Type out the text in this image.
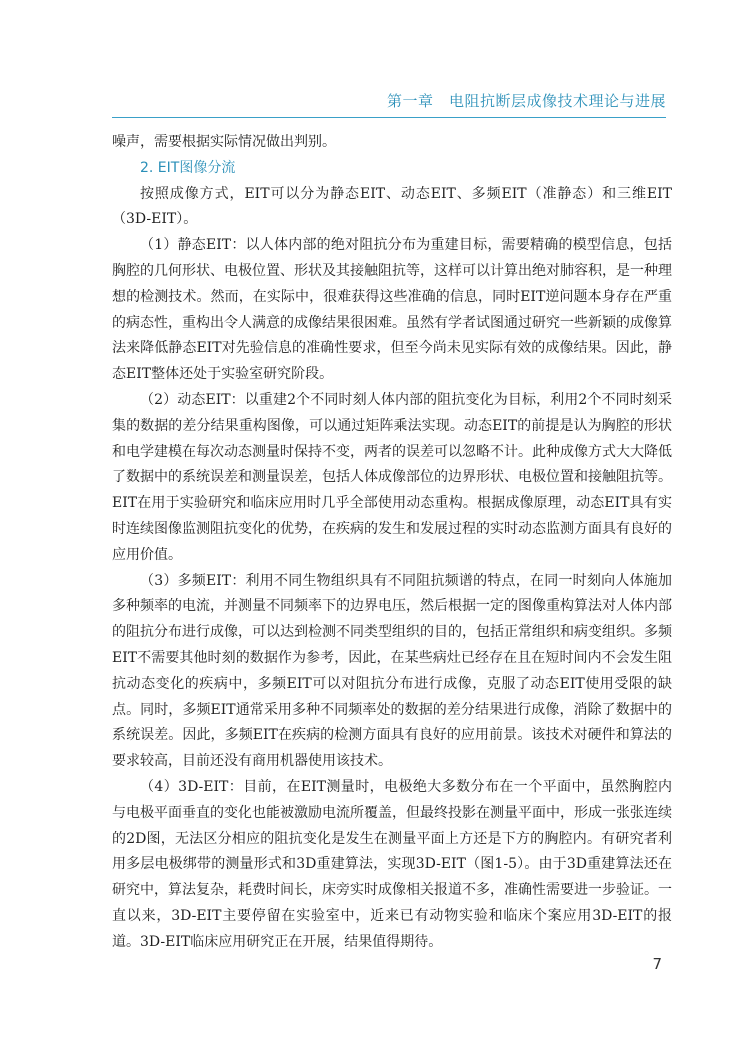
第一章　电阻抗断层成像技术理论与进展

噪声，需要根据实际情况做出判别。

2. EIT图像分流

按照成像方式，EIT可以分为静态EIT、动态EIT、多频EIT（准静态）和三维EIT（3D-EIT）。

（1）静态EIT：以人体内部的绝对阻抗分布为重建目标，需要精确的模型信息，包括胸腔的几何形状、电极位置、形状及其接触阻抗等，这样可以计算出绝对肺容积，是一种理想的检测技术。然而，在实际中，很难获得这些准确的信息，同时EIT逆问题本身存在严重的病态性，重构出令人满意的成像结果很困难。虽然有学者试图通过研究一些新颖的成像算法来降低静态EIT对先验信息的准确性要求，但至今尚未见实际有效的成像结果。因此，静态EIT整体还处于实验室研究阶段。

（2）动态EIT：以重建2个不同时刻人体内部的阻抗变化为目标，利用2个不同时刻采集的数据的差分结果重构图像，可以通过矩阵乘法实现。动态EIT的前提是认为胸腔的形状和电学建模在每次动态测量时保持不变，两者的误差可以忽略不计。此种成像方式大大降低了数据中的系统误差和测量误差，包括人体成像部位的边界形状、电极位置和接触阻抗等。EIT在用于实验研究和临床应用时几乎全部使用动态重构。根据成像原理，动态EIT具有实时连续图像监测阻抗变化的优势，在疾病的发生和发展过程的实时动态监测方面具有良好的应用价值。

（3）多频EIT：利用不同生物组织具有不同阻抗频谱的特点，在同一时刻向人体施加多种频率的电流，并测量不同频率下的边界电压，然后根据一定的图像重构算法对人体内部的阻抗分布进行成像，可以达到检测不同类型组织的目的，包括正常组织和病变组织。多频EIT不需要其他时刻的数据作为参考，因此，在某些病灶已经存在且在短时间内不会发生阻抗动态变化的疾病中，多频EIT可以对阻抗分布进行成像，克服了动态EIT使用受限的缺点。同时，多频EIT通常采用多种不同频率处的数据的差分结果进行成像，消除了数据中的系统误差。因此，多频EIT在疾病的检测方面具有良好的应用前景。该技术对硬件和算法的要求较高，目前还没有商用机器使用该技术。

（4）3D-EIT：目前，在EIT测量时，电极绝大多数分布在一个平面中，虽然胸腔内与电极平面垂直的变化也能被激励电流所覆盖，但最终投影在测量平面中，形成一张张连续的2D图，无法区分相应的阻抗变化是发生在测量平面上方还是下方的胸腔内。有研究者利用多层电极绑带的测量形式和3D重建算法，实现3D-EIT（图1-5）。由于3D重建算法还在研究中，算法复杂，耗费时间长，床旁实时成像相关报道不多，准确性需要进一步验证。一直以来，3D-EIT主要停留在实验室中，近来已有动物实验和临床个案应用3D-EIT的报道。3D-EIT临床应用研究正在开展，结果值得期待。

7
